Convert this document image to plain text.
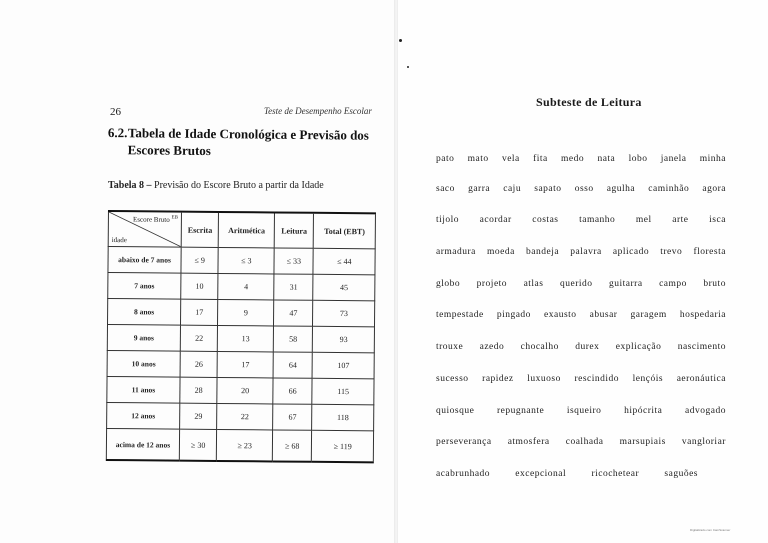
26	Teste de Desempenho Escolar
6.2.Tabela de Idade Cronológica e Previsão dos
Escores Brutos
Tabela 8 – Previsão do Escore Bruto a partir da Idade
Escore Bruto $^{EB}$
idade	Escrita	Aritmética	Leitura	Total (EBT)
abaixo de 7 anos	≤ 9	≤ 3	≤ 33	≤ 44
7 anos	10	4	31	45
8 anos	17	9	47	73
9 anos	22	13	58	93
10 anos	26	17	64	107
11 anos	28	20	66	115
12 anos	29	22	67	118
acima de 12 anos	≥ 30	≥ 23	≥ 68	≥ 119
Subteste de Leitura
pato mato vela fita medo nata lobo janela minha
saco garra caju sapato osso agulha caminhão agora
tijolo acordar costas tamanho mel arte isca
armadura moeda bandeja palavra aplicado trevo floresta
globo projeto atlas querido guitarra campo bruto
tempestade pingado exausto abusar garagem hospedaria
trouxe azedo chocalho durex explicação nascimento
sucesso rapidez luxuoso rescindido lençóis aeronáutica
quiosque repugnante isqueiro hipócrita advogado
perseverança atmosfera coalhada marsupiais vangloriar
acabrunhado	excepcional	ricochetear	saguões
Digitalizado com CamScanner
